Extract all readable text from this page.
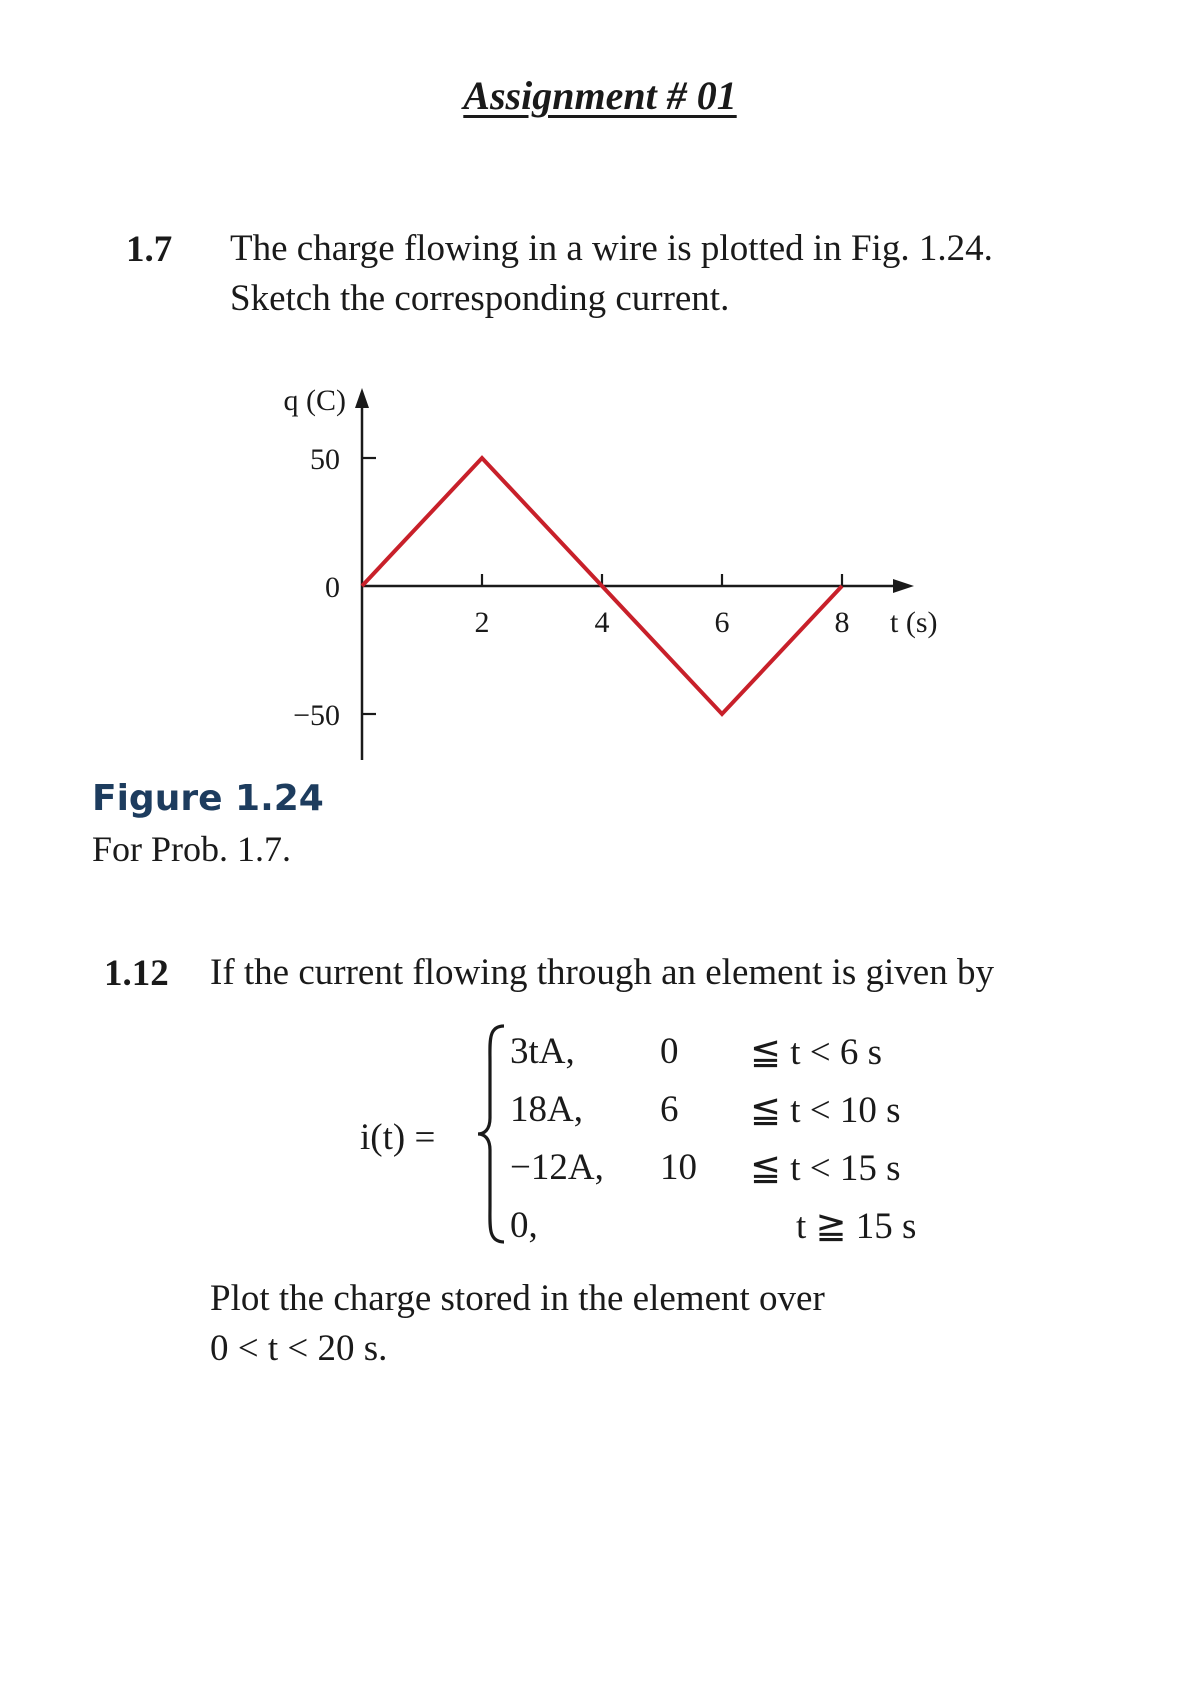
Assignment # 01
1.7 The charge flowing in a wire is plotted in Fig. 1.24.
Sketch the corresponding current.
2	4	6	8
50
0
−50
q (C)
t (s)
Figure 1.24
For Prob. 1.7.
1.12 If the current flowing through an element is given by
i(t) =
3tA, 0 ≦ t < 6 s
18A, 6 ≦ t < 10 s
−12A, 10 ≦ t < 15 s
0,	t ≧ 15 s
Plot the charge stored in the element over
0 < t < 20 s.
